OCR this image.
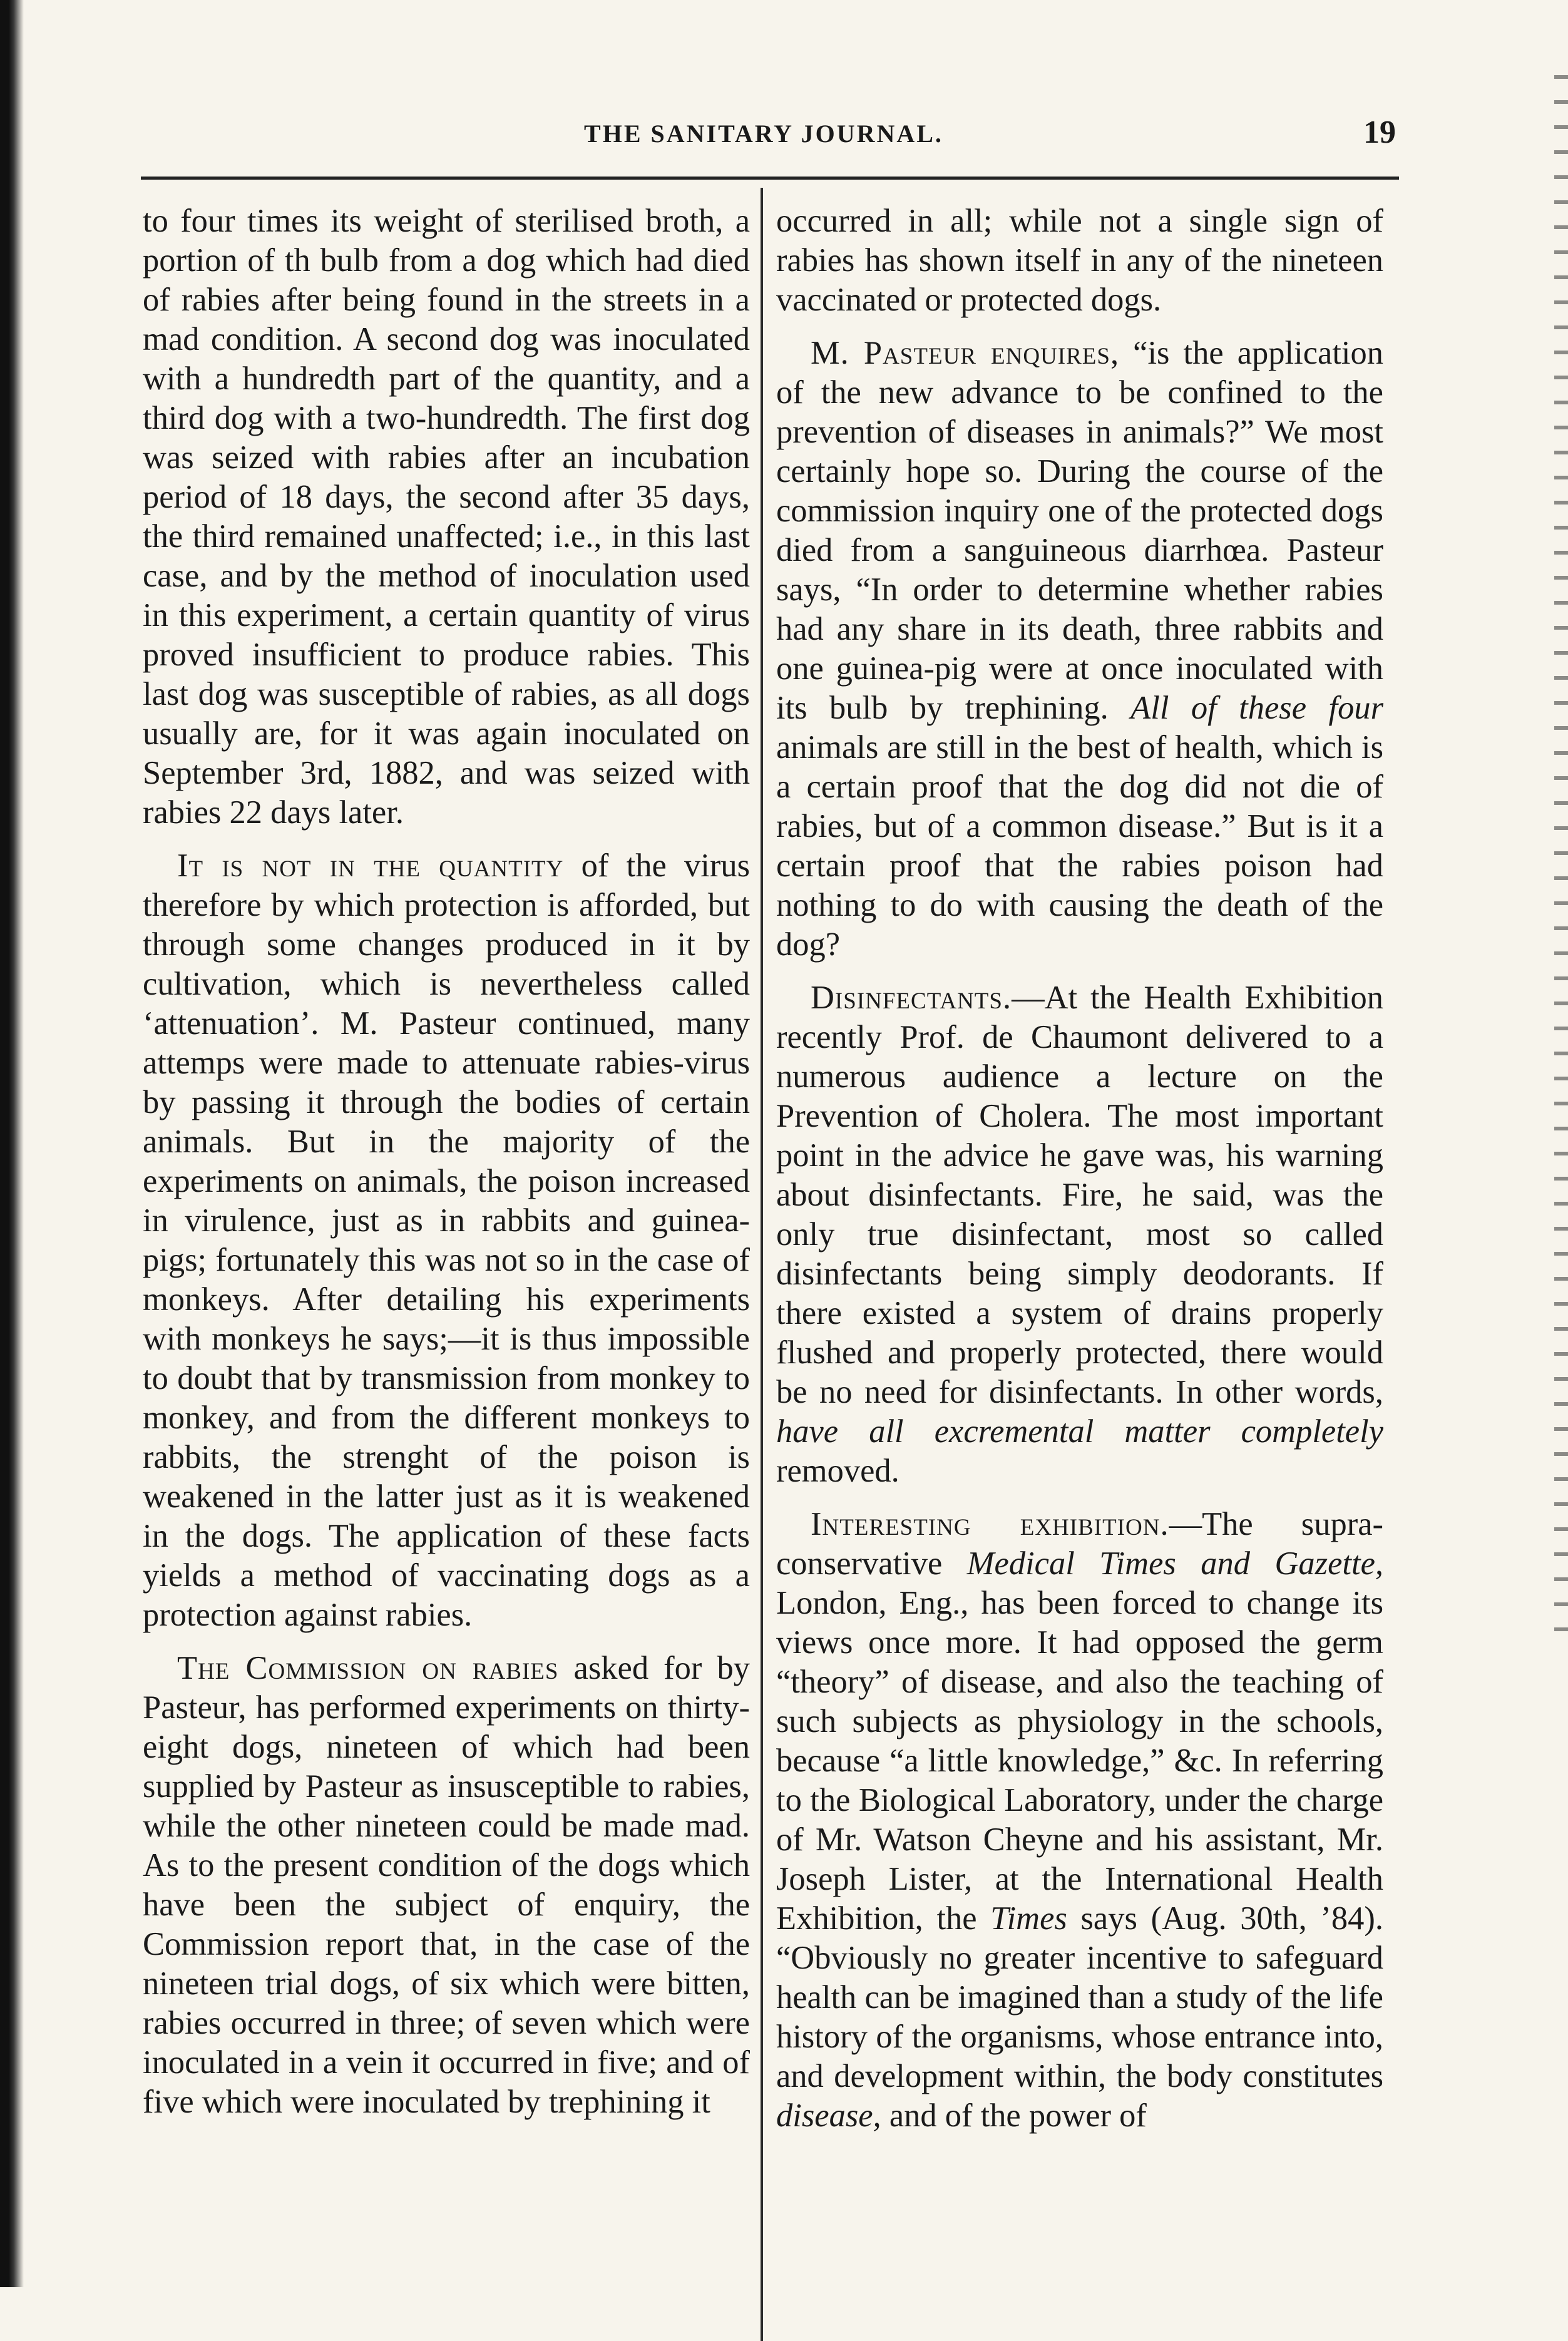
THE SANITARY JOURNAL.	19

to four times its weight of sterilised broth, a portion of th bulb from a dog which had died of rabies after being found in the streets in a mad condition. A second dog was inoculated with a hundredth part of the quantity, and a third dog with a two-hundredth. The first dog was seized with rabies after an incubation period of 18 days, the second after 35 days, the third remained unaffected; i.e., in this last case, and by the method of inoculation used in this experiment, a certain quantity of virus proved insufficient to produce rabies. This last dog was susceptible of rabies, as all dogs usually are, for it was again inoculated on September 3rd, 1882, and was seized with rabies 22 days later.

It is not in the quantity of the virus therefore by which protection is afforded, but through some changes produced in it by cultivation, which is nevertheless called ‘attenuation’. M. Pasteur continued, many attemps were made to attenuate rabies-virus by passing it through the bodies of certain animals. But in the majority of the experiments on animals, the poison increased in virulence, just as in rabbits and guinea-pigs; fortunately this was not so in the case of monkeys. After detailing his experiments with monkeys he says;—it is thus impossible to doubt that by transmission from monkey to monkey, and from the different monkeys to rabbits, the strenght of the poison is weakened in the latter just as it is weakened in the dogs. The application of these facts yields a method of vaccinating dogs as a protection against rabies.

The Commission on rabies asked for by Pasteur, has performed experiments on thirty-eight dogs, nineteen of which had been supplied by Pasteur as insusceptible to rabies, while the other nineteen could be made mad. As to the present condition of the dogs which have been the subject of enquiry, the Commission report that, in the case of the nineteen trial dogs, of six which were bitten, rabies occurred in three; of seven which were inoculated in a vein it occurred in five; and of five which were inoculated by trephining it

occurred in all; while not a single sign of rabies has shown itself in any of the nineteen vaccinated or protected dogs.

M. Pasteur enquires, “is the application of the new advance to be confined to the prevention of diseases in animals?” We most certainly hope so. During the course of the commission inquiry one of the protected dogs died from a sanguineous diarrhœa. Pasteur says, “In order to determine whether rabies had any share in its death, three rabbits and one guinea-pig were at once inoculated with its bulb by trephining. All of these four animals are still in the best of health, which is a certain proof that the dog did not die of rabies, but of a common disease.” But is it a certain proof that the rabies poison had nothing to do with causing the death of the dog?

Disinfectants.—At the Health Exhibition recently Prof. de Chaumont delivered to a numerous audience a lecture on the Prevention of Cholera. The most important point in the advice he gave was, his warning about disinfectants. Fire, he said, was the only true disinfectant, most so called disinfectants being simply deodorants. If there existed a system of drains properly flushed and properly protected, there would be no need for disinfectants. In other words, have all excremental matter completely removed.

Interesting exhibition.—The supra-conservative Medical Times and Gazette, London, Eng., has been forced to change its views once more. It had opposed the germ “theory” of disease, and also the teaching of such subjects as physiology in the schools, because “a little knowledge,” &c. In referring to the Biological Laboratory, under the charge of Mr. Watson Cheyne and his assistant, Mr. Joseph Lister, at the International Health Exhibition, the Times says (Aug. 30th, ’84). “Obviously no greater incentive to safeguard health can be imagined than a study of the life history of the organisms, whose entrance into, and development within, the body constitutes disease, and of the power of
